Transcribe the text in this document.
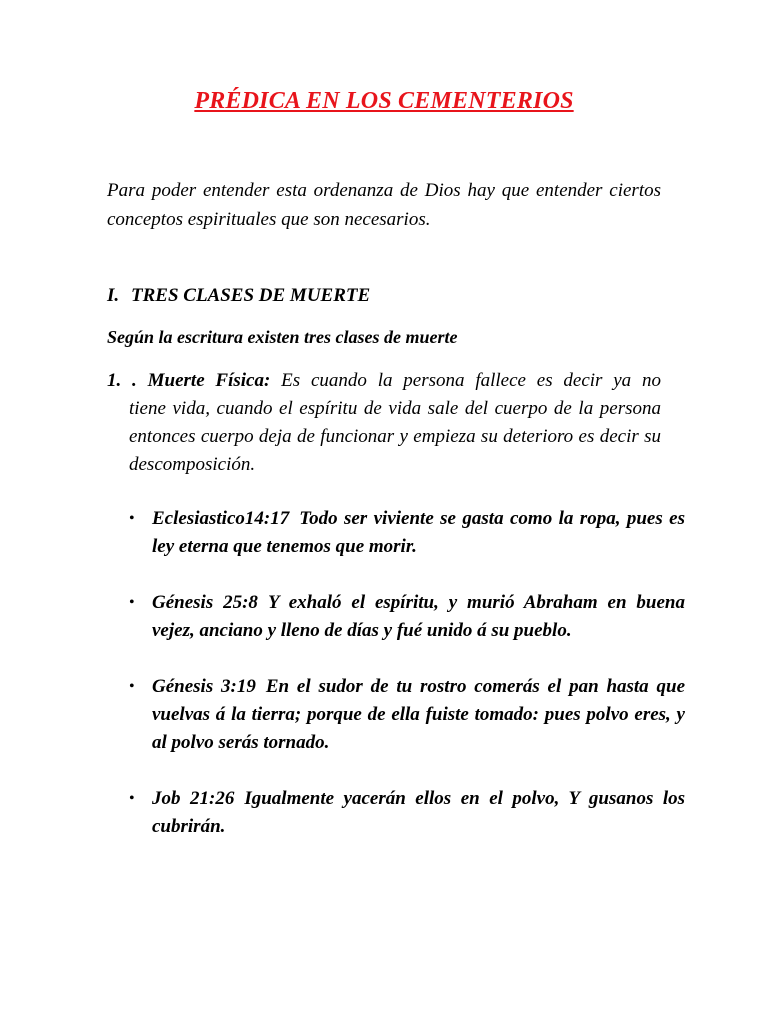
PRÉDICA EN LOS CEMENTERIOS

Para poder entender esta ordenanza de Dios hay que entender ciertos conceptos espirituales que son necesarios.

I. TRES CLASES DE MUERTE
Según la escritura existen tres clases de muerte
1. . Muerte Física: Es cuando la persona fallece es decir ya no
tiene vida, cuando el espíritu de vida sale del cuerpo de la persona entonces cuerpo deja de funcionar y empieza su deterioro es decir su descomposición.
• Eclesiastico14:17 Todo ser viviente se gasta como la ropa, pues es ley eterna que tenemos que morir.
• Génesis 25:8 Y exhaló el espíritu, y murió Abraham en buena vejez, anciano y lleno de días y fué unido á su pueblo.
• Génesis 3:19 En el sudor de tu rostro comerás el pan hasta que vuelvas á la tierra; porque de ella fuiste tomado: pues polvo eres, y al polvo serás tornado.
• Job 21:26 Igualmente yacerán ellos en el polvo, Y gusanos los cubrirán.
